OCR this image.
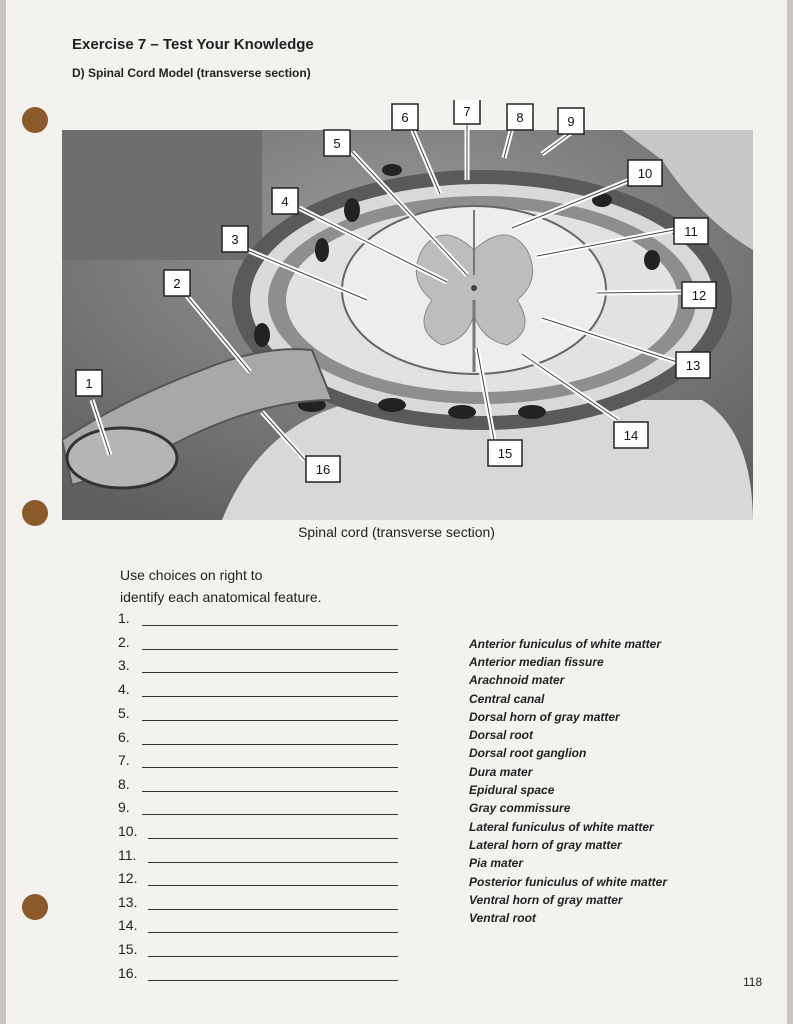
Exercise 7 – Test Your Knowledge
D) Spinal Cord Model (transverse section)
1
2
3
4
5
6	7	8	9
10
11
12
13
14
15
16
Spinal cord (transverse section)
Use choices on right to
identify each anatomical feature.
1.
2.
3.
4.
5.
6.
7.
8.
9.
10.
11.
12.
13.
14.
15.
16.
Anterior funiculus of white matter
Anterior median fissure
Arachnoid mater
Central canal
Dorsal horn of gray matter
Dorsal root
Dorsal root ganglion
Dura mater
Epidural space
Gray commissure
Lateral funiculus of white matter
Lateral horn of gray matter
Pia mater
Posterior funiculus of white matter
Ventral horn of gray matter
Ventral root
118
